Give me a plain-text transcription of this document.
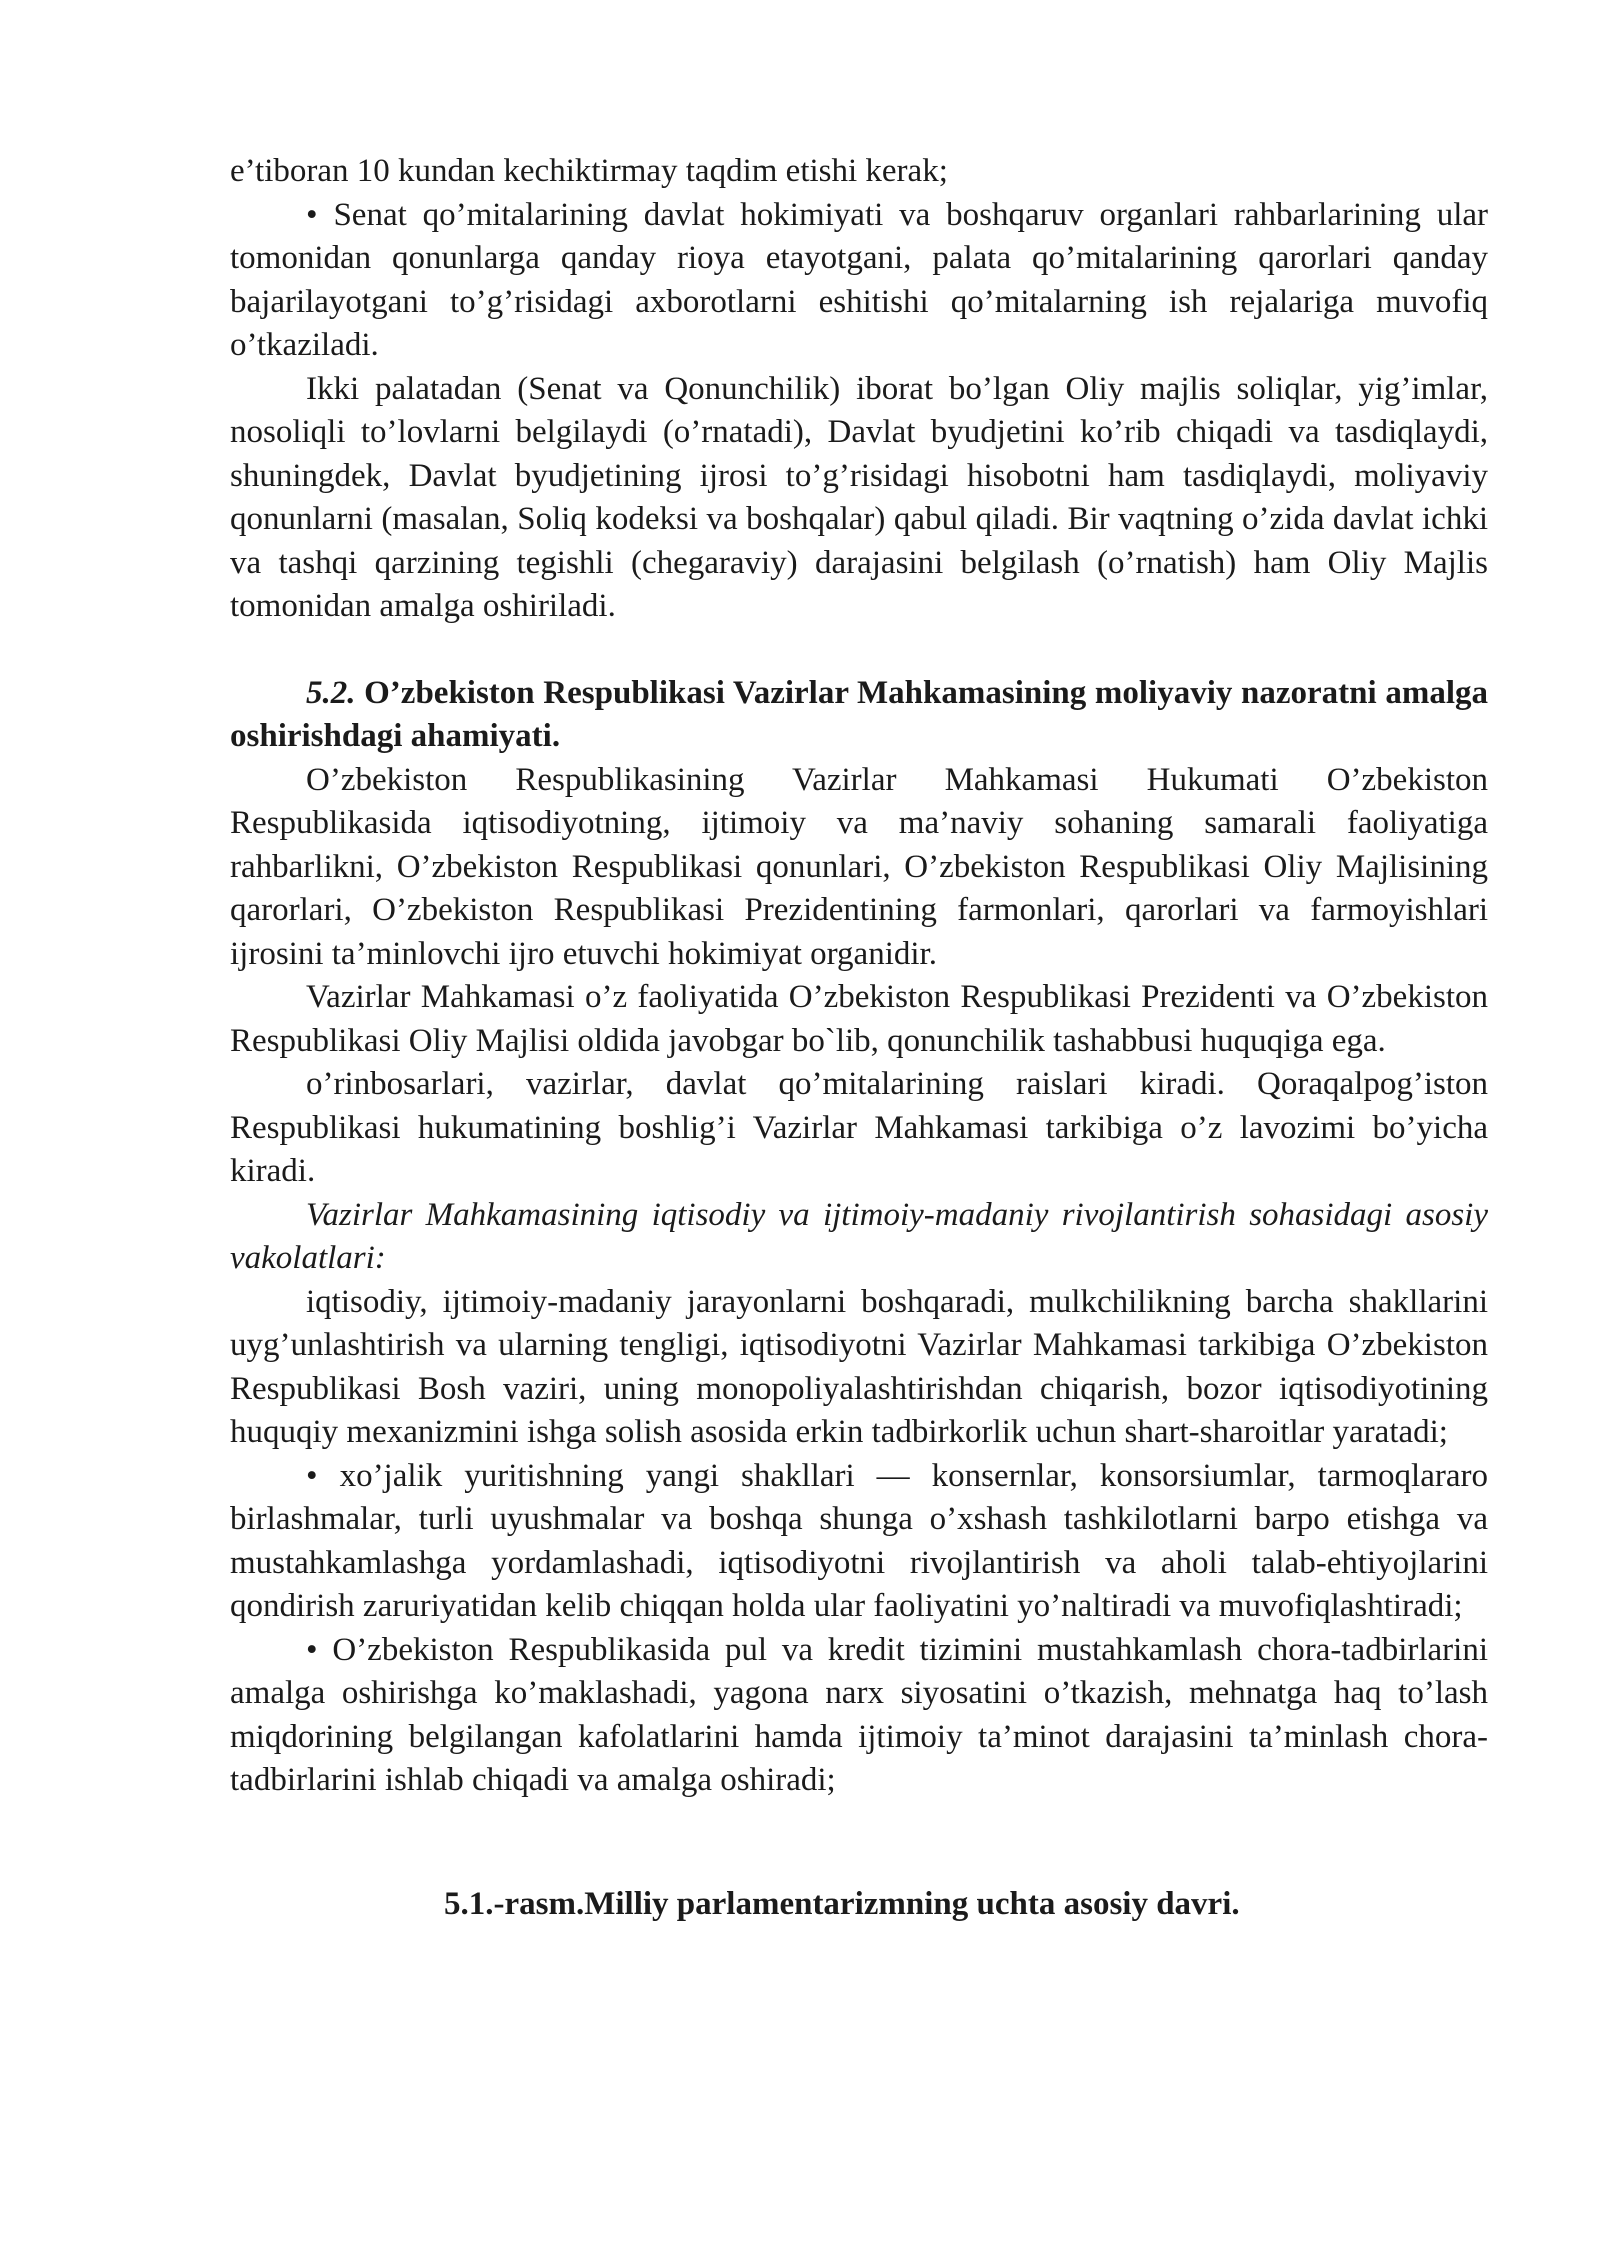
e’tiboran 10 kundan kechiktirmay taqdim etishi kerak;

• Senat qo’mitalarining davlat hokimiyati va boshqaruv organlari rahbarlarining ular tomonidan qonunlarga qanday rioya etayotgani, palata qo’mitalarining qarorlari qanday bajarilayotgani to’g’risidagi axborotlarni eshitishi qo’mitalarning ish rejalariga muvofiq o’tkaziladi.

Ikki palatadan (Senat va Qonunchilik) iborat bo’lgan Oliy majlis soliqlar, yig’imlar, nosoliqli to’lovlarni belgilaydi (o’rnatadi), Davlat byudjetini ko’rib chiqadi va tasdiqlaydi, shuningdek, Davlat byudjetining ijrosi to’g’risidagi hisobotni ham tasdiqlaydi, moliyaviy qonunlarni (masalan, Soliq kodeksi va boshqalar) qabul qiladi. Bir vaqtning o’zida davlat ichki va tashqi qarzining tegishli (chegaraviy) darajasini belgilash (o’rnatish) ham Oliy Majlis tomonidan amalga oshiriladi.

5.2. O’zbekiston Respublikasi Vazirlar Mahkamasining moliyaviy nazoratni amalga oshirishdagi ahamiyati.

O’zbekiston Respublikasining Vazirlar Mahkamasi Hukumati O’zbekiston Respublikasida iqtisodiyotning, ijtimoiy va ma’naviy sohaning samarali faoliyatiga rahbarlikni, O’zbekiston Respublikasi qonunlari, O’zbekiston Respublikasi Oliy Majlisining qarorlari, O’zbekiston Respublikasi Prezidentining farmonlari, qarorlari va farmoyishlari ijrosini ta’minlovchi ijro etuvchi hokimiyat organidir.

Vazirlar Mahkamasi o’z faoliyatida O’zbekiston Respublikasi Prezidenti va O’zbekiston Respublikasi Oliy Majlisi oldida javobgar bo`lib, qonunchilik tashabbusi huquqiga ega.

o’rinbosarlari, vazirlar, davlat qo’mitalarining raislari kiradi. Qoraqalpog’iston Respublikasi hukumatining boshlig’i Vazirlar Mahkamasi tarkibiga o’z lavozimi bo’yicha kiradi.

Vazirlar Mahkamasining iqtisodiy va ijtimoiy-madaniy rivojlantirish sohasidagi asosiy vakolatlari:

iqtisodiy, ijtimoiy-madaniy jarayonlarni boshqaradi, mulkchilikning barcha shakllarini uyg’unlashtirish va ularning tengligi, iqtisodiyotni Vazirlar Mahkamasi tarkibiga O’zbekiston Respublikasi Bosh vaziri, uning monopoliyalashtirishdan chiqarish, bozor iqtisodiyotining huquqiy mexanizmini ishga solish asosida erkin tadbirkorlik uchun shart-sharoitlar yaratadi;

• xo’jalik yuritishning yangi shakllari — konsernlar, konsorsiumlar, tarmoqlararo birlashmalar, turli uyushmalar va boshqa shunga o’xshash tashkilotlarni barpo etishga va mustahkamlashga yordamlashadi, iqtisodiyotni rivojlantirish va aholi talab-ehtiyojlarini qondirish zaruriyatidan kelib chiqqan holda ular faoliyatini yo’naltiradi va muvofiqlashtiradi;

• O’zbekiston Respublikasida pul va kredit tizimini mustahkamlash chora-tadbirlarini amalga oshirishga ko’maklashadi, yagona narx siyosatini o’tkazish, mehnatga haq to’lash miqdorining belgilangan kafolatlarini hamda ijtimoiy ta’minot darajasini ta’minlash chora-tadbirlarini ishlab chiqadi va amalga oshiradi;

5.1.-rasm.Milliy parlamentarizmning uchta asosiy davri.
